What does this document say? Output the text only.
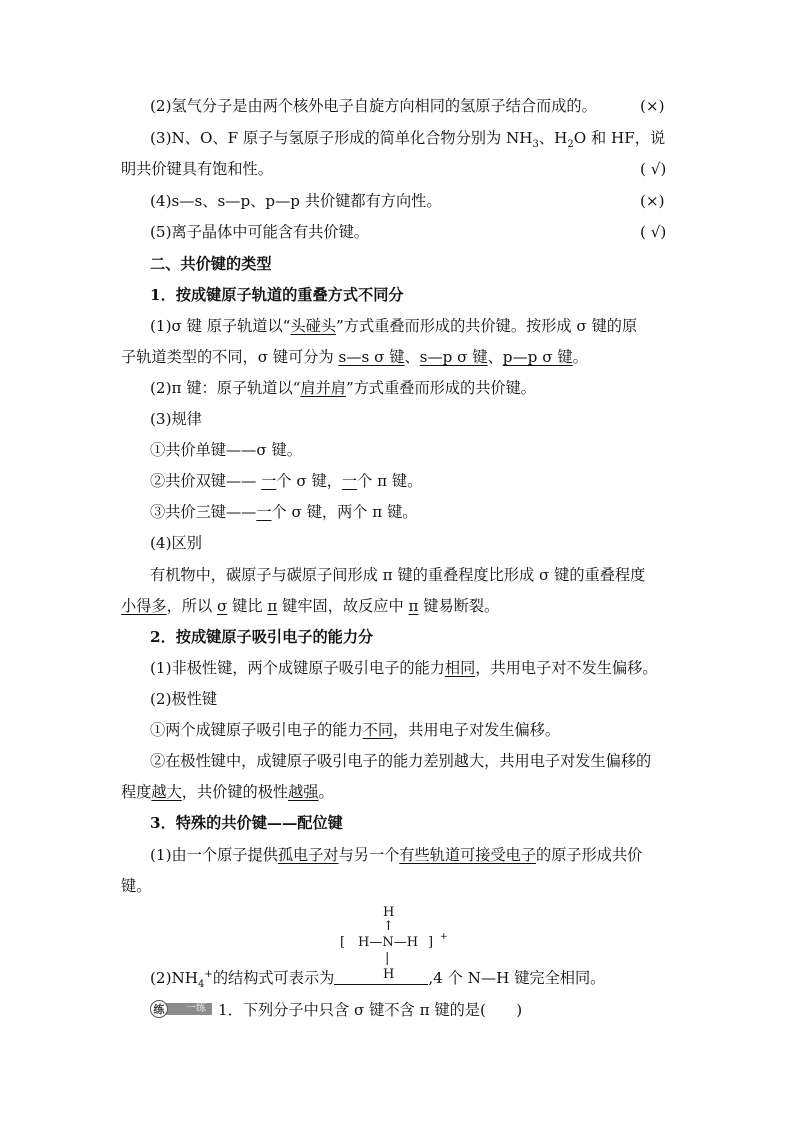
(2)氢气分子是由两个核外电子自旋方向相同的氢原子结合而成的。	(×)
(3)N、O、F 原子与氢原子形成的简单化合物分别为 $NH_3$、$H_2O$ 和 HF，说
明共价键具有饱和性。	( √)
(4)s—s、s—p、p—p 共价键都有方向性。	(×)
(5)离子晶体中可能含有共价键。	( √)
二、共价键的类型
1．按成键原子轨道的重叠方式不同分
(1)σ 键 原子轨道以“头碰头”方式重叠而形成的共价键。按形成 σ 键的原
子轨道类型的不同，σ 键可分为 s—s σ 键、s—p σ 键、p—p σ 键。
(2)π 键：原子轨道以“肩并肩”方式重叠而形成的共价键。
(3)规律
①共价单键——σ 键。
②共价双键—— 一个 σ 键，一个 π 键。
③共价三键——一个 σ 键，两个 π 键。
(4)区别
有机物中，碳原子与碳原子间形成 π 键的重叠程度比形成 σ 键的重叠程度
小得多，所以 σ 键比 π 键牢固，故反应中 π 键易断裂。
2．按成键原子吸引电子的能力分
(1)非极性键，两个成键原子吸引电子的能力相同，共用电子对不发生偏移。
(2)极性键
①两个成键原子吸引电子的能力不同，共用电子对发生偏移。
②在极性键中，成键原子吸引电子的能力差别越大，共用电子对发生偏移的
程度越大，共价键的极性越强。
3．特殊的共价键——配位键
(1)由一个原子提供孤电子对与另一个有些轨道可接受电子的原子形成共价
键。
H
↑
[ H—N—H ] +
|
H
$(2)NH_4^+$的结构式可表示为	,4 个 N—H 键完全相同。
练	一练 1．下列分子中只含 σ 键不含 π 键的是(　　)
